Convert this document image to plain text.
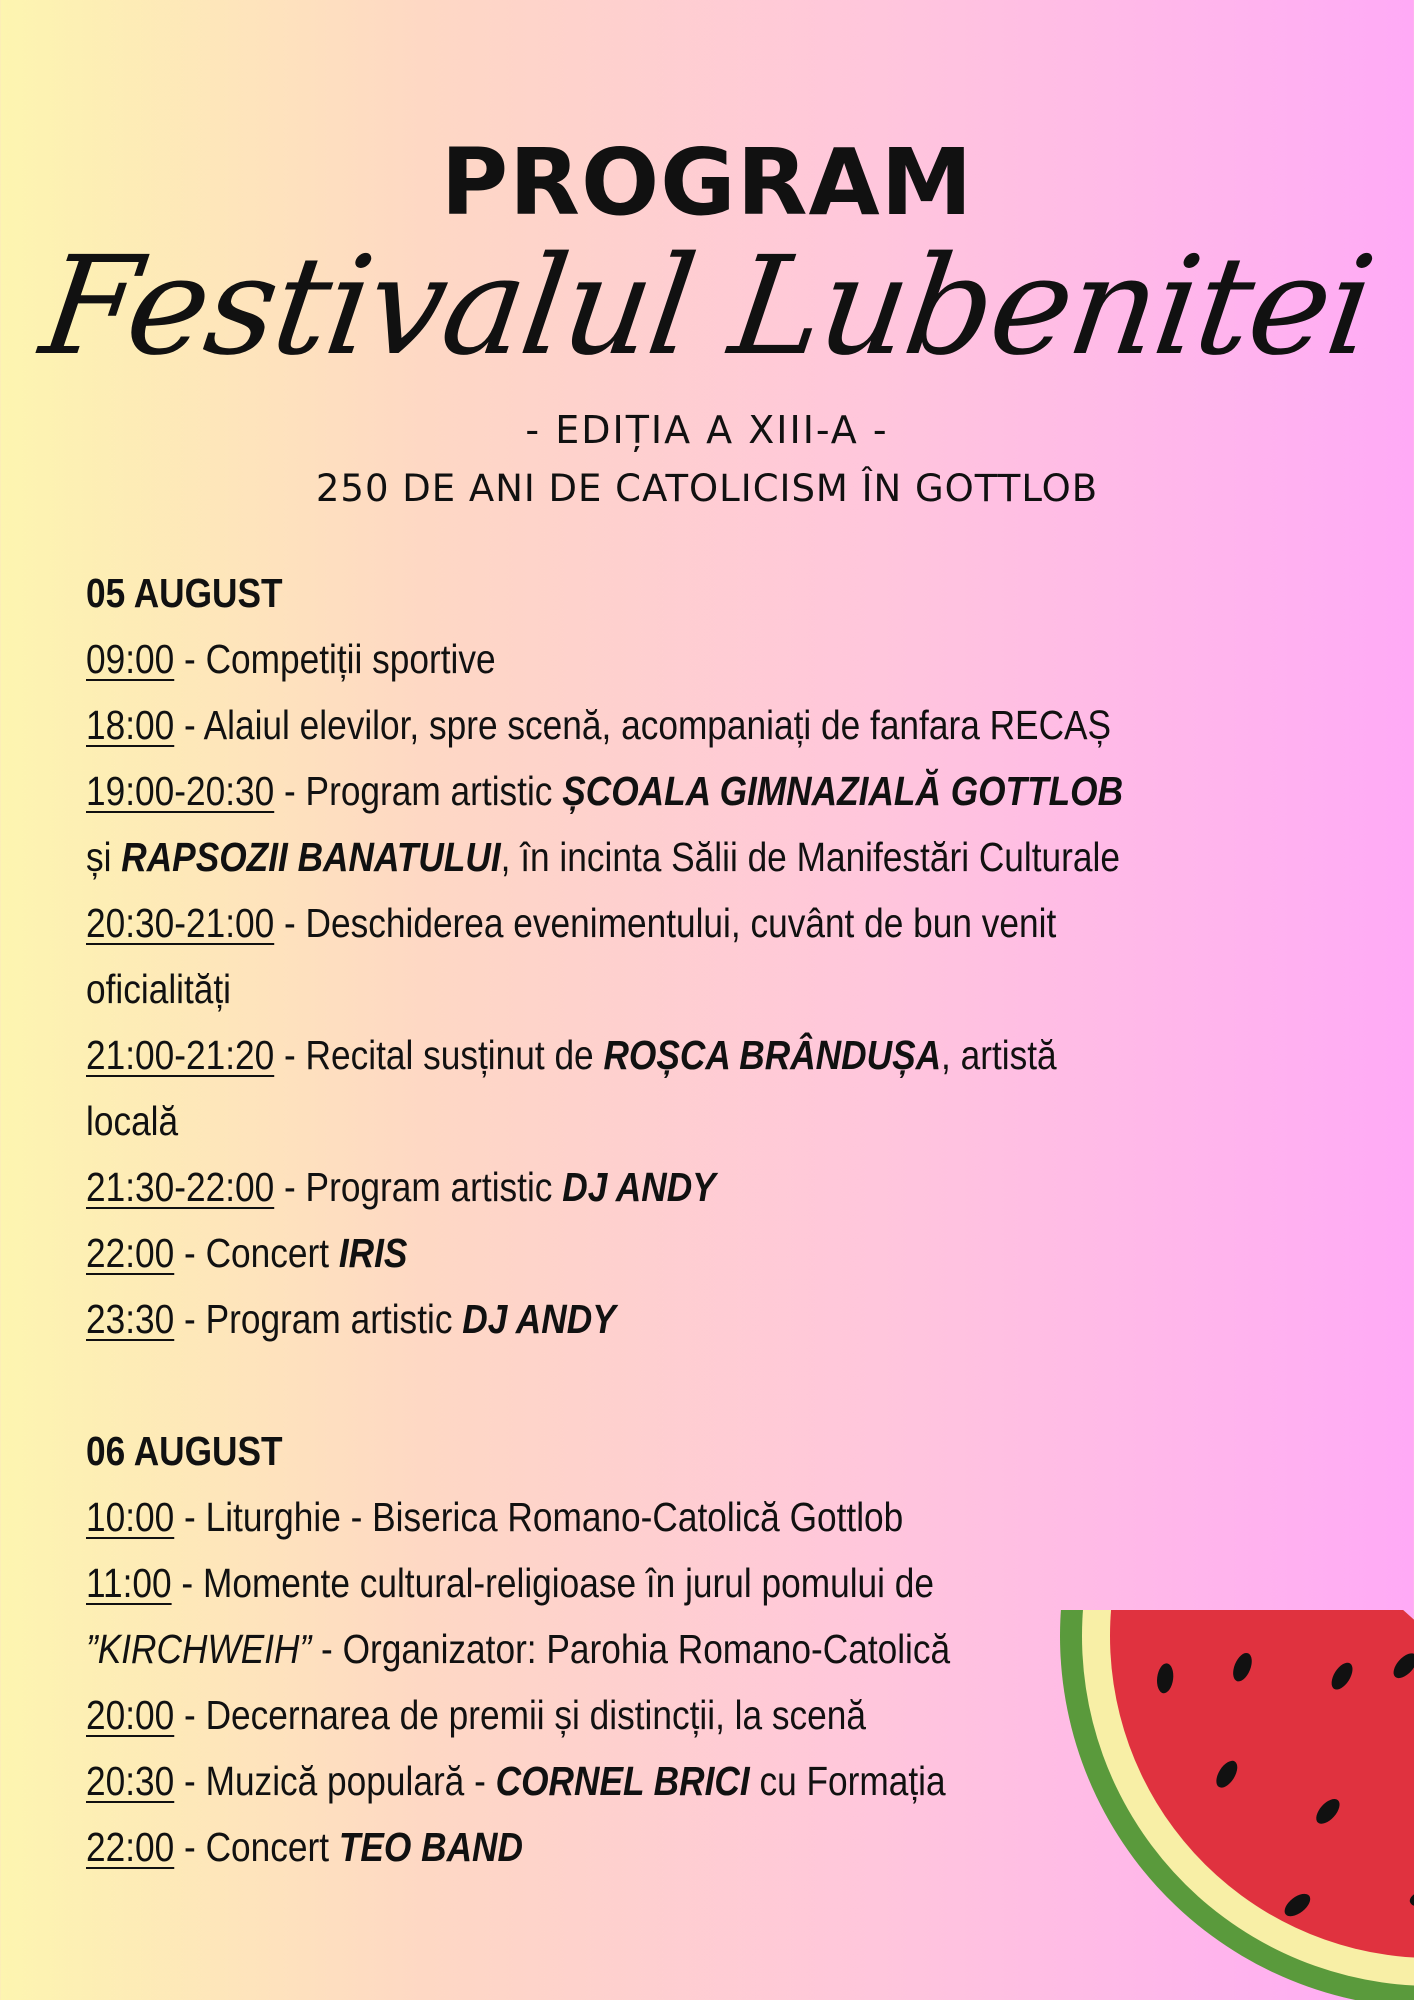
PROGRAM
Festivalul Lubenitei
- EDIȚIA A XIII-A -
250 DE ANI DE CATOLICISM ÎN GOTTLOB

05 AUGUST

09:00 - Competiții sportive

18:00 - Alaiul elevilor, spre scenă, acompaniați de fanfara RECAȘ

19:00-20:30 - Program artistic ȘCOALA GIMNAZIALĂ GOTTLOB

și RAPSOZII BANATULUI, în incinta Sălii de Manifestări Culturale

20:30-21:00 - Deschiderea evenimentului, cuvânt de bun venit

oficialități

21:00-21:20 - Recital susținut de ROȘCA BRÂNDUȘA, artistă

locală

21:30-22:00 - Program artistic DJ ANDY

22:00 - Concert IRIS

23:30 - Program artistic DJ ANDY

06 AUGUST

10:00 - Liturghie - Biserica Romano-Catolică Gottlob

11:00 - Momente cultural-religioase în jurul pomului de

”KIRCHWEIH” - Organizator: Parohia Romano-Catolică

20:00 - Decernarea de premii și distincții, la scenă

20:30 - Muzică populară - CORNEL BRICI cu Formația

22:00 - Concert TEO BAND
